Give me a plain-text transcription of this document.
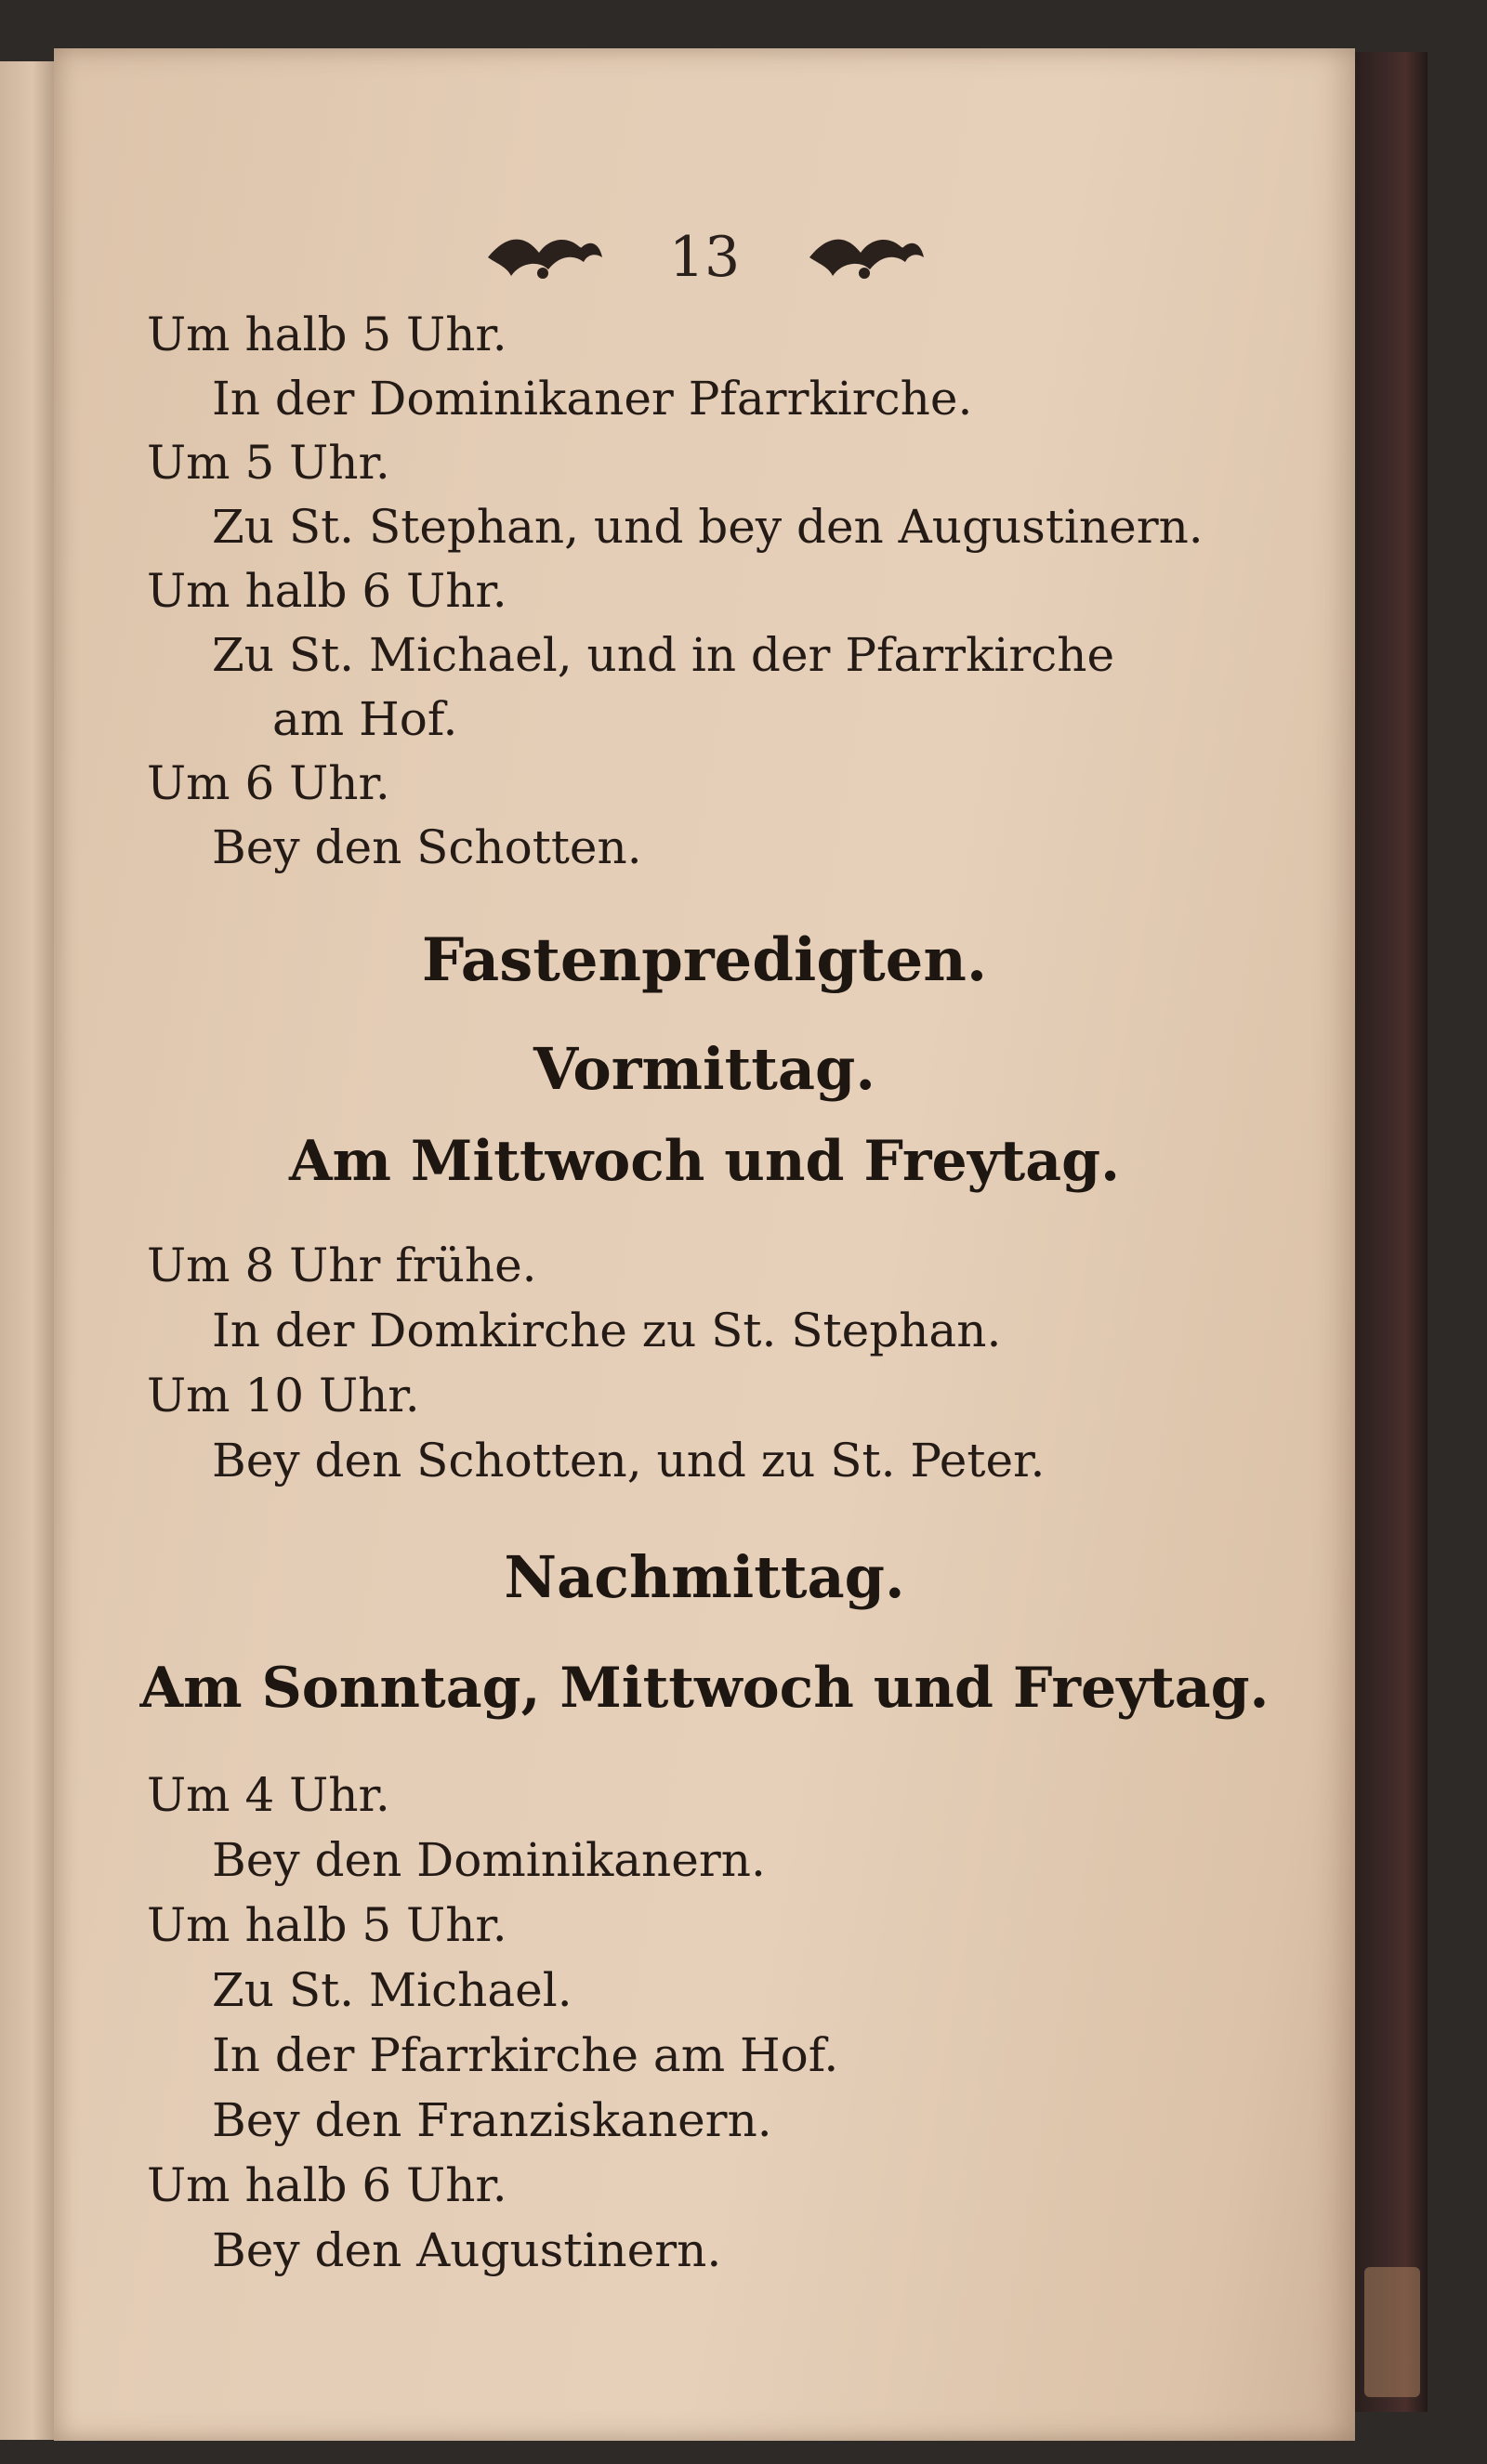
13
Um halb 5 Uhr.
In der Dominikaner Pfarrkirche.
Um 5 Uhr.
Zu St. Stephan, und bey den Augustinern.
Um halb 6 Uhr.
Zu St. Michael, und in der Pfarrkirche
am Hof.
Um 6 Uhr.
Bey den Schotten.
Fastenpredigten.
Vormittag.
Am Mittwoch und Freytag.
Um 8 Uhr frühe.
In der Domkirche zu St. Stephan.
Um 10 Uhr.
Bey den Schotten, und zu St. Peter.
Nachmittag.
Am Sonntag, Mittwoch und Freytag.
Um 4 Uhr.
Bey den Dominikanern.
Um halb 5 Uhr.
Zu St. Michael.
In der Pfarrkirche am Hof.
Bey den Franziskanern.
Um halb 6 Uhr.
Bey den Augustinern.
